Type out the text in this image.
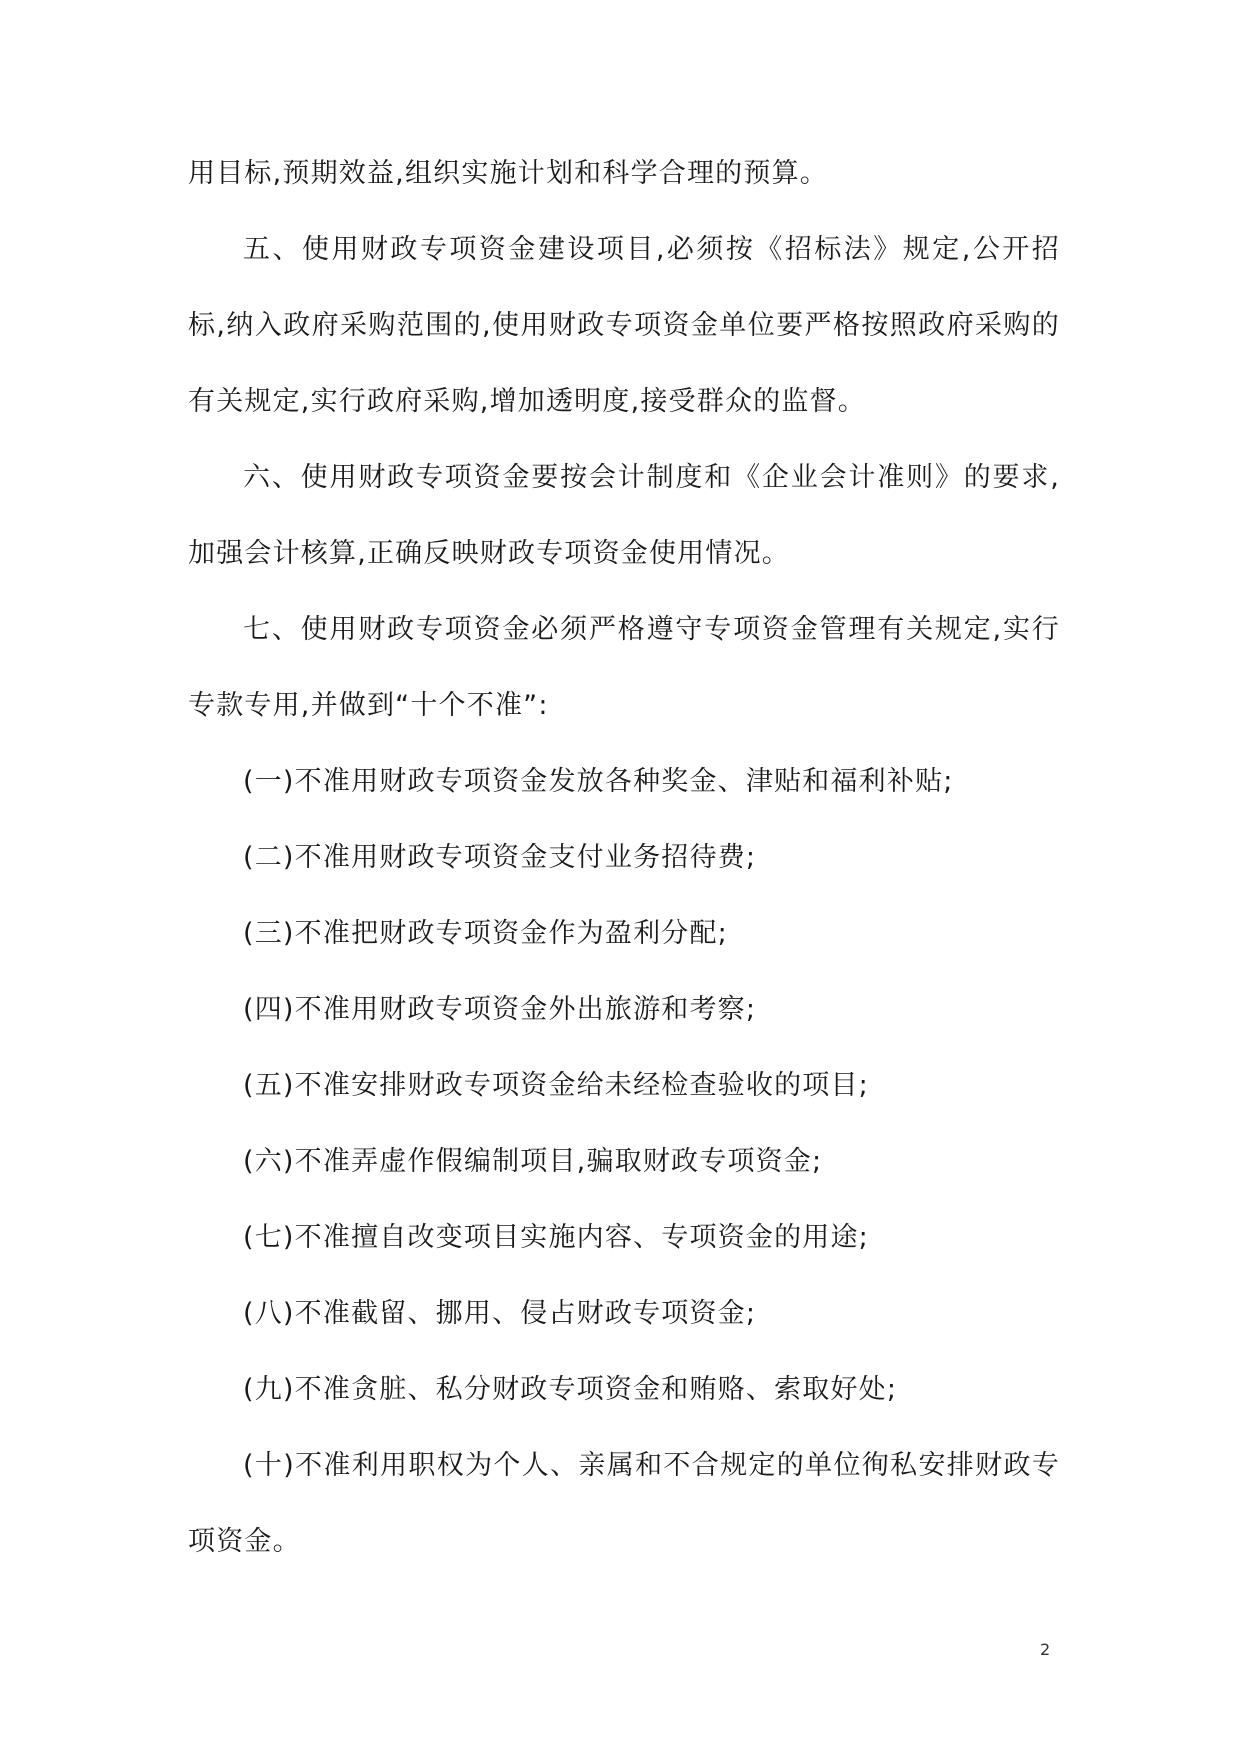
用目标,预期效益,组织实施计划和科学合理的预算。

五、使用财政专项资金建设项目,必须按《招标法》规定,公开招标,纳入政府采购范围的,使用财政专项资金单位要严格按照政府采购的有关规定,实行政府采购,增加透明度,接受群众的监督。

六、使用财政专项资金要按会计制度和《企业会计准则》的要求,加强会计核算,正确反映财政专项资金使用情况。

七、使用财政专项资金必须严格遵守专项资金管理有关规定,实行专款专用,并做到“十个不准”:

(一)不准用财政专项资金发放各种奖金、津贴和福利补贴;

(二)不准用财政专项资金支付业务招待费;

(三)不准把财政专项资金作为盈利分配;

(四)不准用财政专项资金外出旅游和考察;

(五)不准安排财政专项资金给未经检查验收的项目;

(六)不准弄虚作假编制项目,骗取财政专项资金;

(七)不准擅自改变项目实施内容、专项资金的用途;

(八)不准截留、挪用、侵占财政专项资金;

(九)不准贪脏、私分财政专项资金和贿赂、索取好处;

(十)不准利用职权为个人、亲属和不合规定的单位徇私安排财政专项资金。

2
